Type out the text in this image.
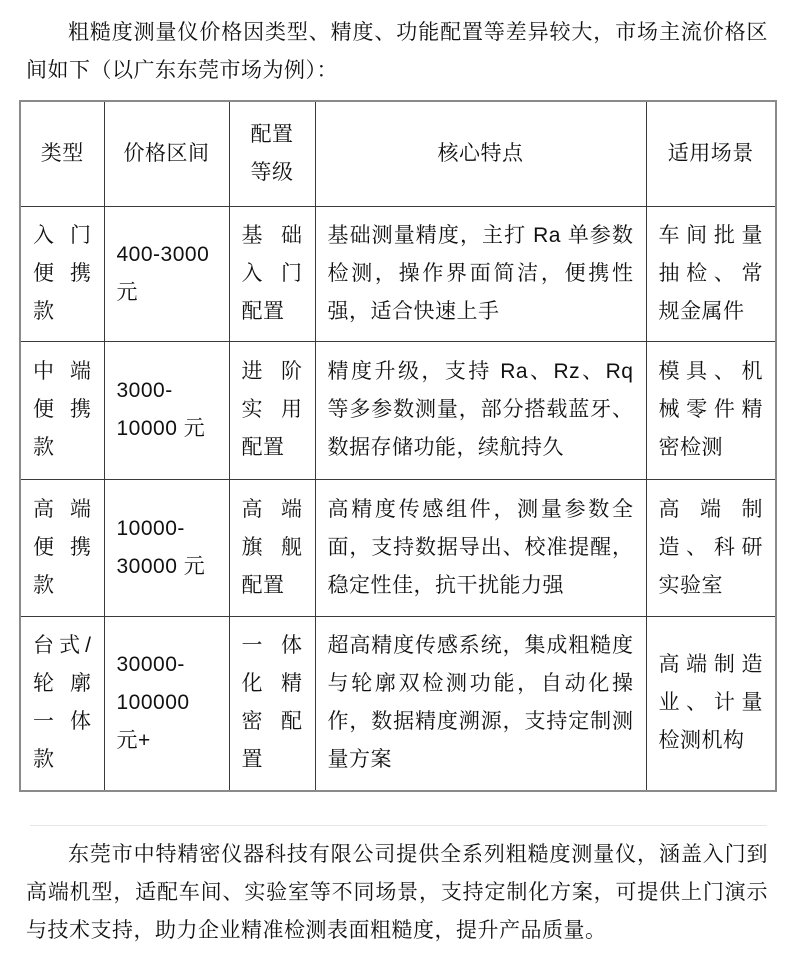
粗糙度测量仪价格因类型、精度、功能配置等差异较大，市场主流价格区间如下（以广东东莞市场为例）：

类型	价格区间	配置等级	核心特点	适用场景
入门便携款	400-3000 元	基础入门配置	基础测量精度，主打 Ra 单参数检测，操作界面简洁，便携性强，适合快速上手	车间批量抽检、常规金属件
中端便携款	3000-10000 元	进阶实用配置	精度升级，支持 Ra、Rz、Rq 等多参数测量，部分搭载蓝牙、数据存储功能，续航持久	模具、机械零件精密检测
高端便携款	10000-30000 元	高端旗舰配置	高精度传感组件，测量参数全面，支持数据导出、校准提醒，稳定性佳，抗干扰能力强	高端制造、科研实验室
台式/轮廓一体款	30000-100000 元+	一体化精密配置	超高精度传感系统，集成粗糙度与轮廓双检测功能，自动化操作，数据精度溯源，支持定制测量方案	高端制造业、计量检测机构

东莞市中特精密仪器科技有限公司提供全系列粗糙度测量仪，涵盖入门到高端机型，适配车间、实验室等不同场景，支持定制化方案，可提供上门演示与技术支持，助力企业精准检测表面粗糙度，提升产品质量。
